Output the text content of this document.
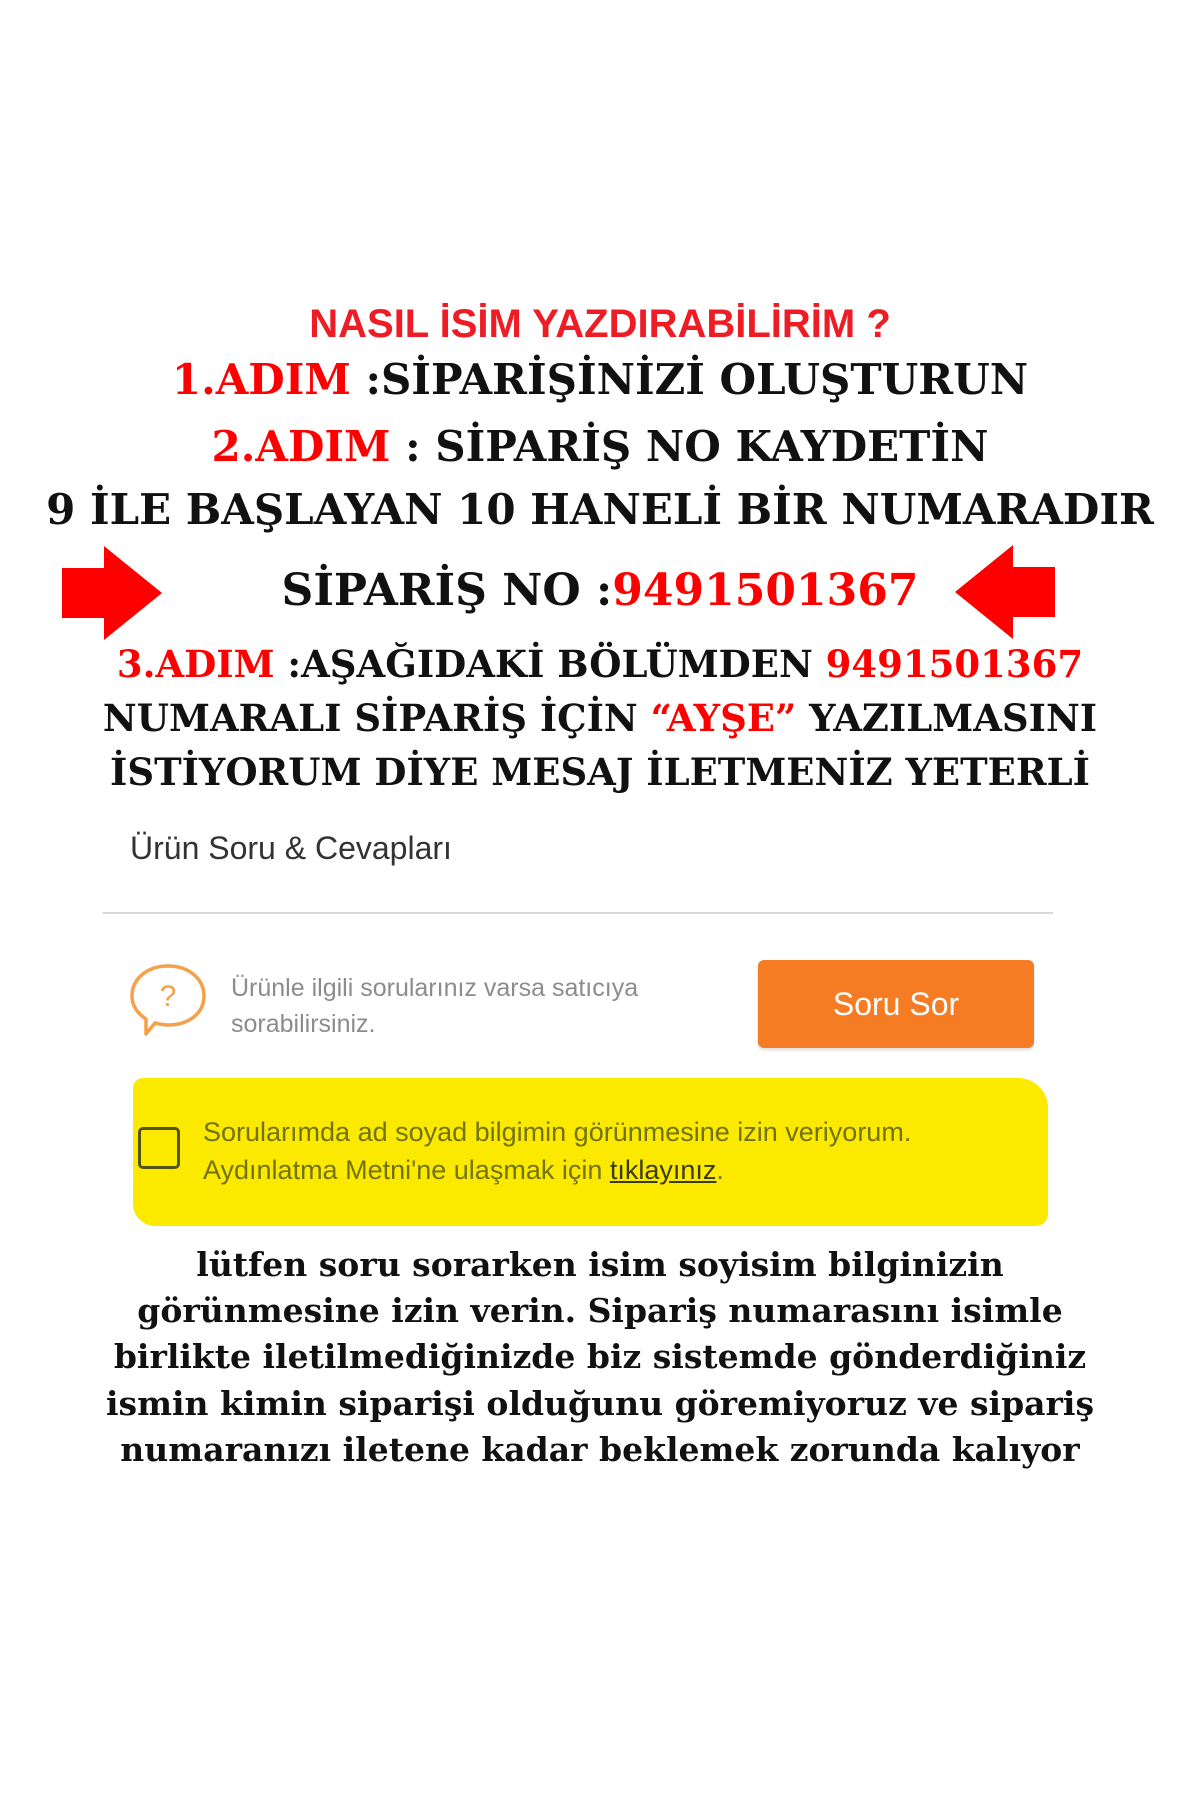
NASIL İSİM YAZDIRABİLİRİM ?
1.ADIM :SİPARİŞİNİZİ OLUŞTURUN
2.ADIM : SİPARİŞ NO KAYDETİN
9 İLE BAŞLAYAN 10 HANELİ BİR NUMARADIR
SİPARİŞ NO :9491501367
3.ADIM :AŞAĞIDAKİ BÖLÜMDEN 9491501367
NUMARALI SİPARİŞ İÇİN “AYŞE” YAZILMASINI
İSTİYORUM DİYE MESAJ İLETMENİZ YETERLİ
Ürün Soru & Cevapları
? Ürünle ilgili sorularınız varsa satıcıya sorabilirsiniz.
Soru Sor
Sorularımda ad soyad bilgimin görünmesine izin veriyorum.
Aydınlatma Metni'ne ulaşmak için tıklayınız.
lütfen soru sorarken isim soyisim bilginizin
görünmesine izin verin. Sipariş numarasını isimle
birlikte iletilmediğinizde biz sistemde gönderdiğiniz
ismin kimin siparişi olduğunu göremiyoruz ve sipariş
numaranızı iletene kadar beklemek zorunda kalıyor
